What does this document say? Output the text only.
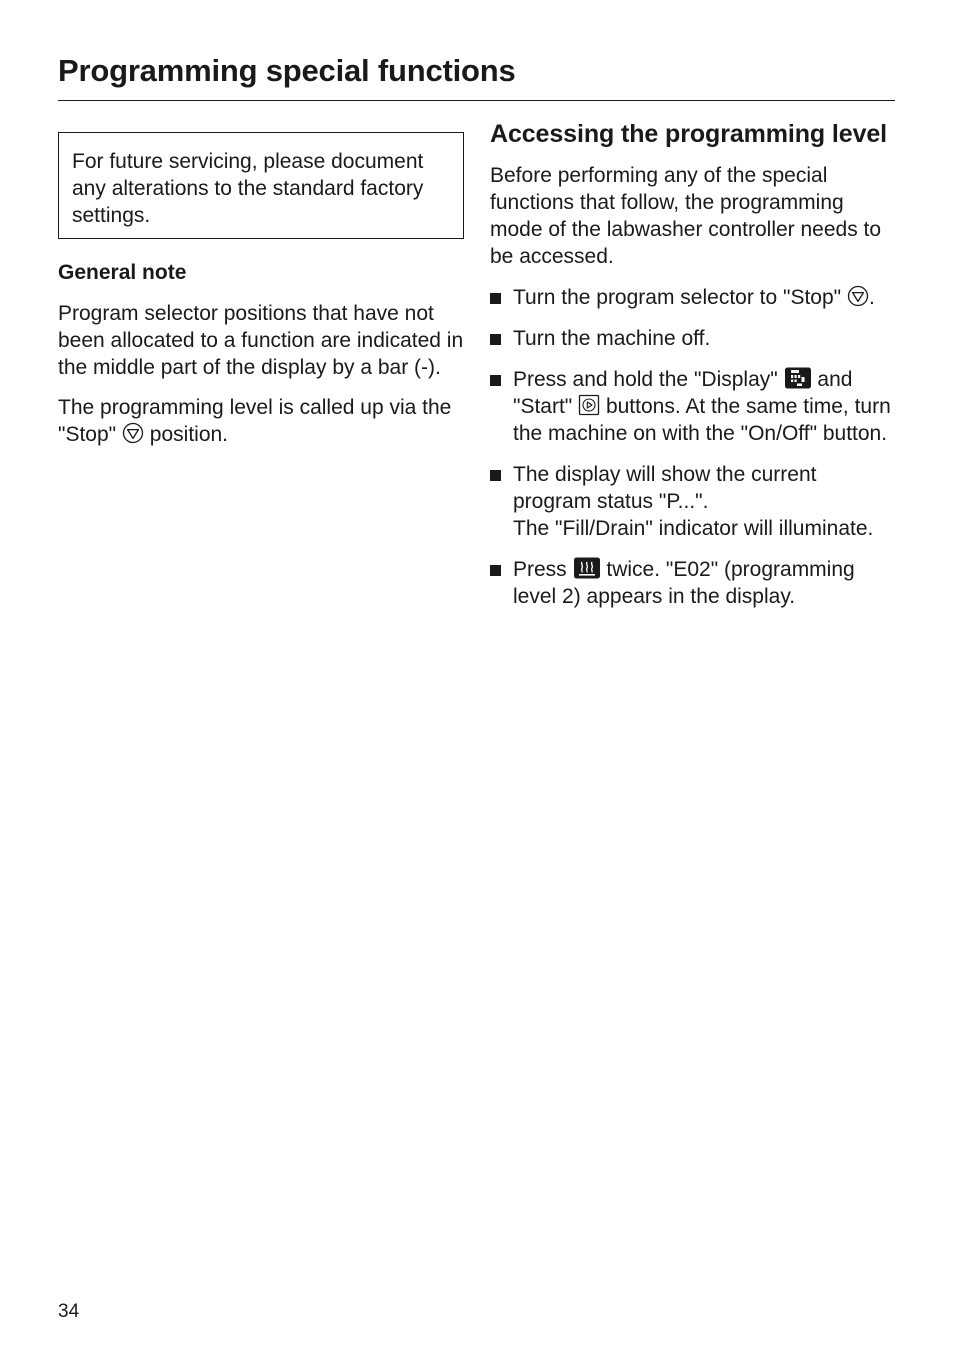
Programming special functions
For future servicing, please document any alterations to the standard factory settings.
General note

Program selector positions that have not been allocated to a function are indicated in the middle part of the display by a bar (-).

The programming level is called up via the "Stop" position.

Accessing the programming level

Before performing any of the special functions that follow, the programming mode of the labwasher controller needs to be accessed.

Turn the program selector to "Stop" .
Turn the machine off.
Press and hold the "Display" and "Start" buttons. At the same time, turn the machine on with the "On/Off" button.
The display will show the current program status "P...".
The "Fill/Drain" indicator will illuminate.
Press twice. "E02" (programming level 2) appears in the display.
34
